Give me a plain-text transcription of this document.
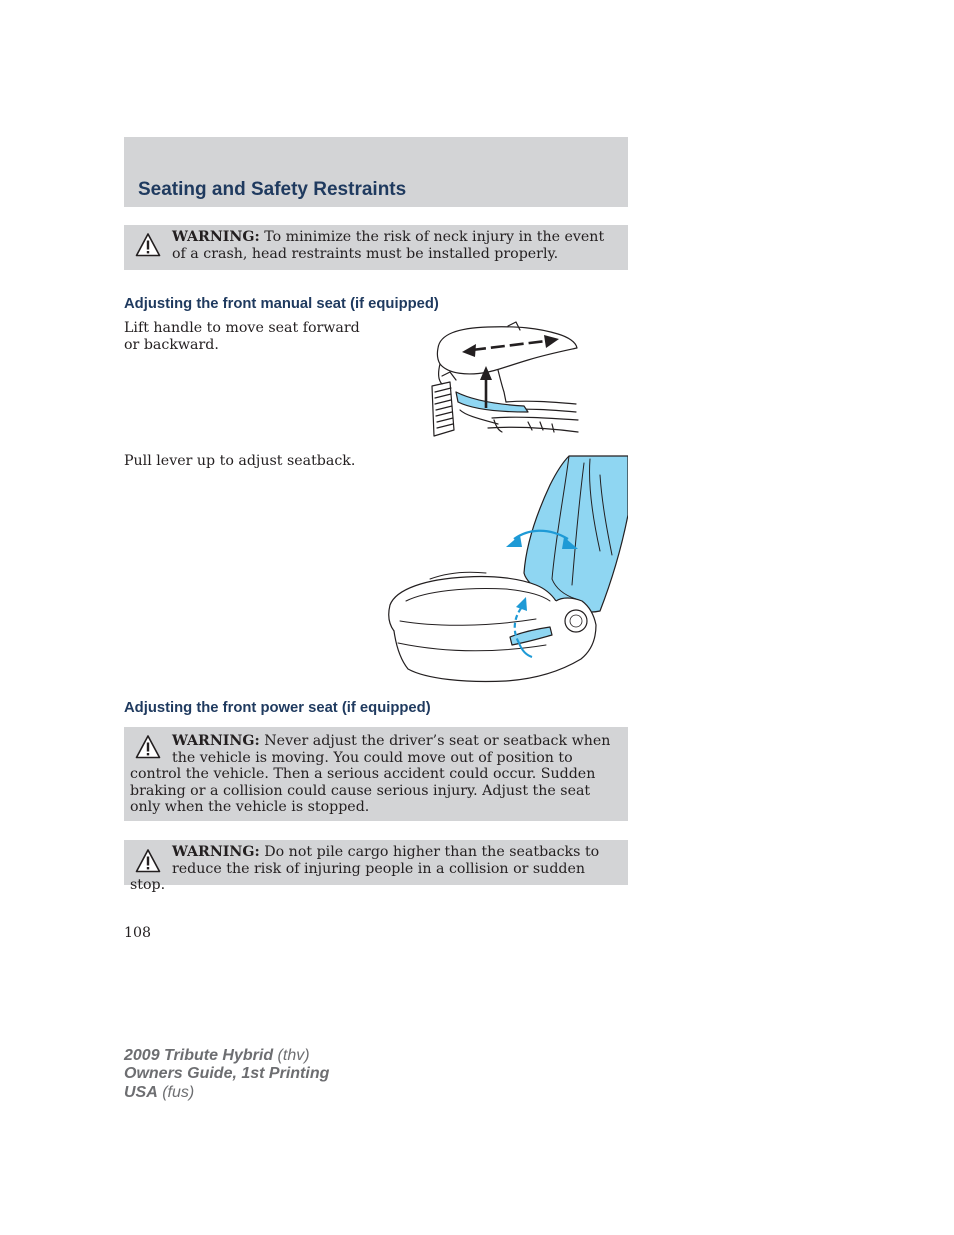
Seating and Safety Restraints
WARNING: To minimize the risk of neck injury in the event of a crash, head restraints must be installed properly.
Adjusting the front manual seat (if equipped)
Lift handle to move seat forward or backward.
Pull lever up to adjust seatback.
Adjusting the front power seat (if equipped)
WARNING: Never adjust the driver’s seat or seatback when the vehicle is moving. You could move out of position to control the vehicle. Then a serious accident could occur. Sudden braking or a collision could cause serious injury. Adjust the seat only when the vehicle is stopped.
WARNING: Do not pile cargo higher than the seatbacks to reduce the risk of injuring people in a collision or sudden stop.
108
2009 Tribute Hybrid (thv)
Owners Guide, 1st Printing
USA (fus)
